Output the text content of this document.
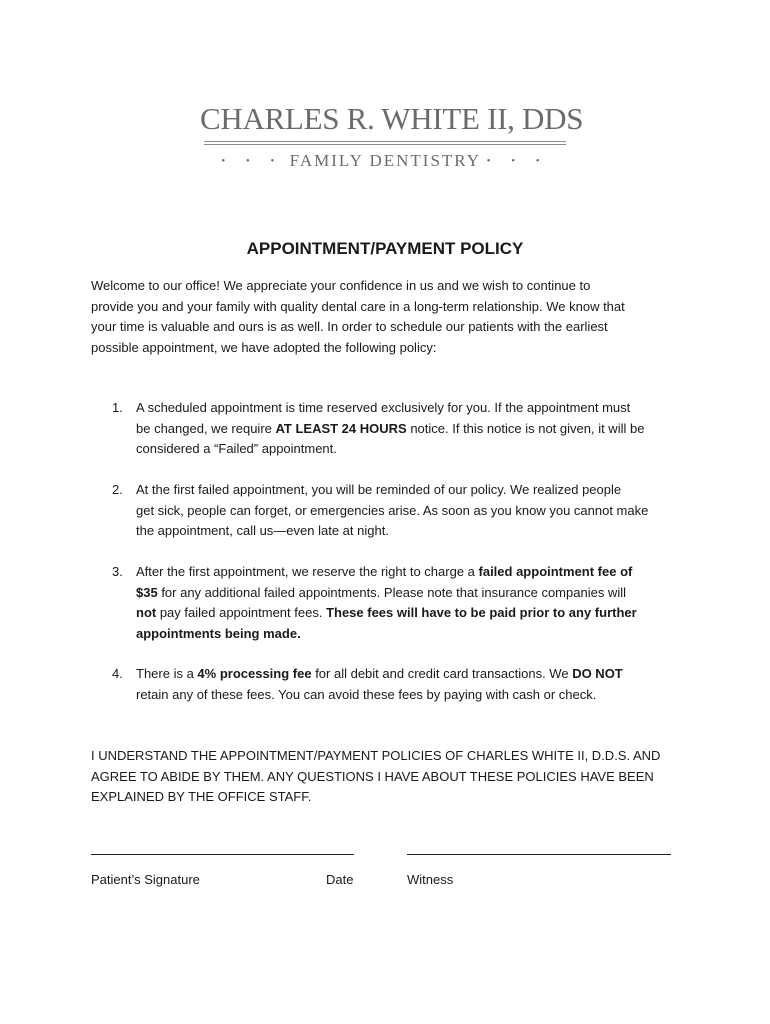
CHARLES R. WHITE II, DDS
• • • FAMILY DENTISTRY • • •
APPOINTMENT/PAYMENT POLICY
Welcome to our office! We appreciate your confidence in us and we wish to continue to
provide you and your family with quality dental care in a long-term relationship. We know that
your time is valuable and ours is as well. In order to schedule our patients with the earliest
possible appointment, we have adopted the following policy:
1. A scheduled appointment is time reserved exclusively for you. If the appointment must
be changed, we require AT LEAST 24 HOURS notice. If this notice is not given, it will be
considered a “Failed” appointment.
2. At the first failed appointment, you will be reminded of our policy. We realized people
get sick, people can forget, or emergencies arise. As soon as you know you cannot make
the appointment, call us—even late at night.
3. After the first appointment, we reserve the right to charge a failed appointment fee of
$35 for any additional failed appointments. Please note that insurance companies will
not pay failed appointment fees. These fees will have to be paid prior to any further
appointments being made.
4. There is a 4% processing fee for all debit and credit card transactions. We DO NOT
retain any of these fees. You can avoid these fees by paying with cash or check.
I UNDERSTAND THE APPOINTMENT/PAYMENT POLICIES OF CHARLES WHITE II, D.D.S. AND
AGREE TO ABIDE BY THEM. ANY QUESTIONS I HAVE ABOUT THESE POLICIES HAVE BEEN
EXPLAINED BY THE OFFICE STAFF.
Patient’s Signature	Date	Witness
